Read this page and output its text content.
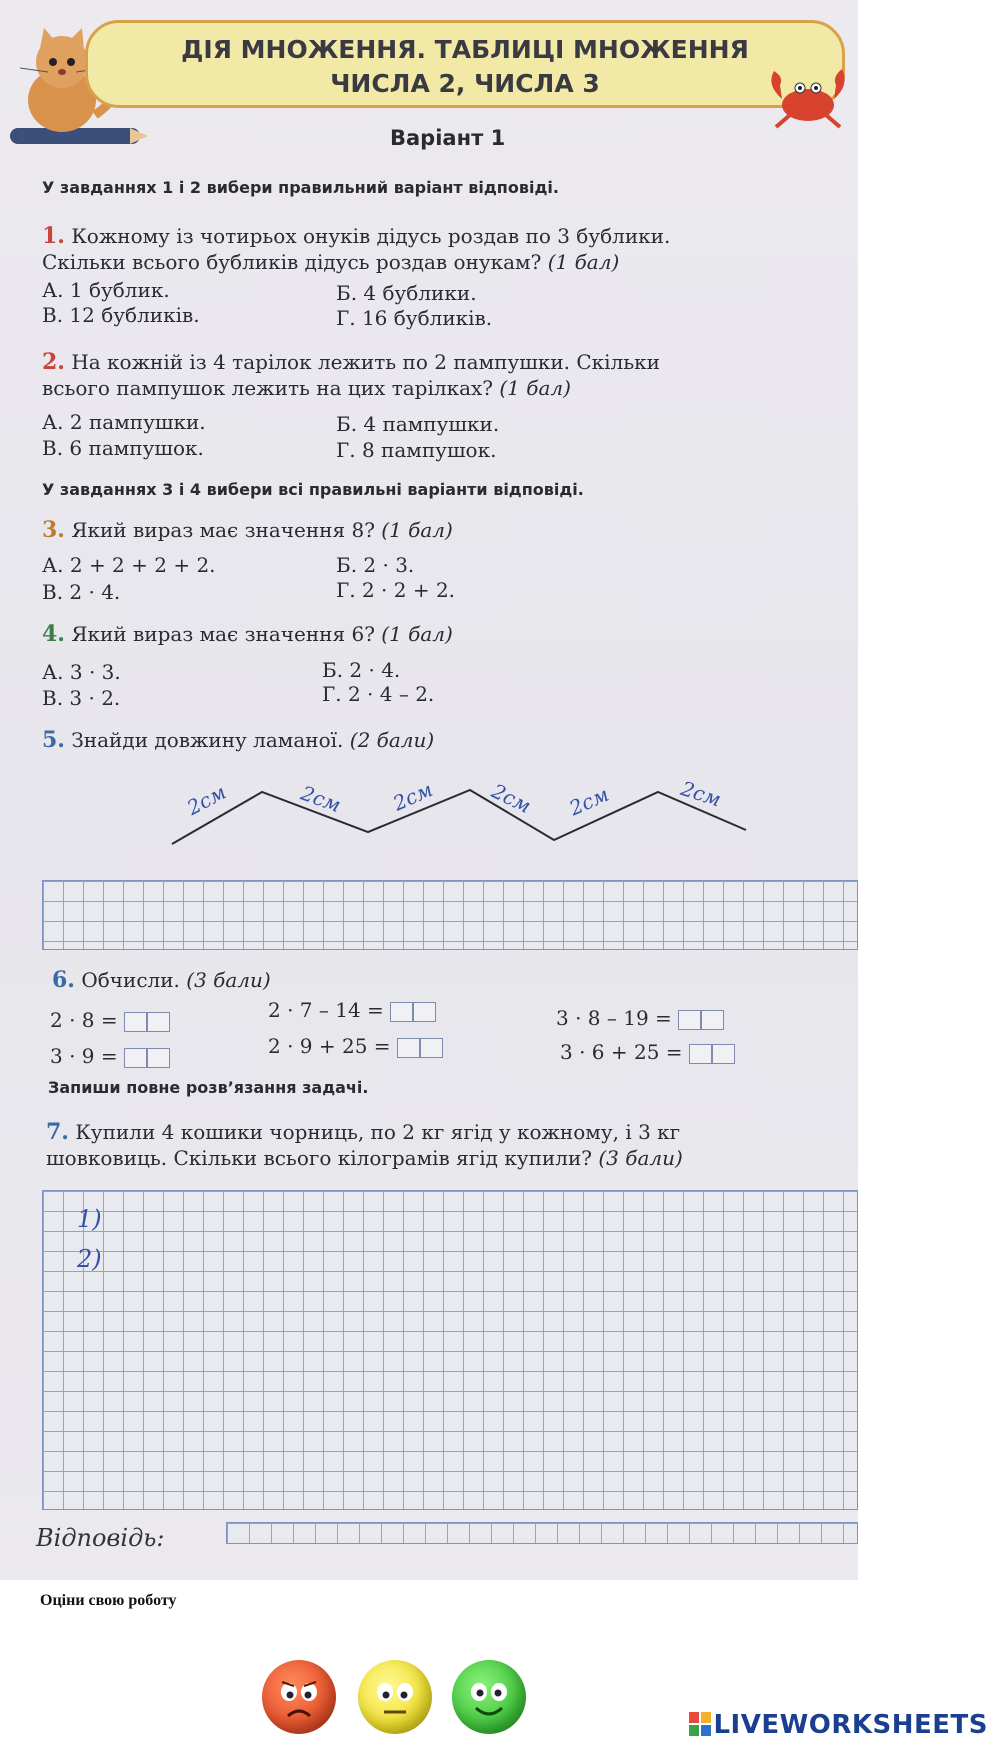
ДІЯ МНОЖЕННЯ. ТАБЛИЦІ МНОЖЕННЯ
ЧИСЛА 2, ЧИСЛА 3
Варіант 1
У завданнях 1 і 2 вибери правильний варіант відповіді.
1. Кожному із чотирьох онуків дідусь роздав по 3 бублики.
Скільки всього бубликів дідусь роздав онукам? (1 бал)
А. 1 бублик.	Б. 4 бублики.
В. 12 бубликів.	Г. 16 бубликів.
2. На кожній із 4 тарілок лежить по 2 пампушки. Скільки
всього пампушок лежить на цих тарілках? (1 бал)
А. 2 пампушки.	Б. 4 пампушки.
В. 6 пампушок.	Г. 8 пампушок.
У завданнях 3 і 4 вибери всі правильні варіанти відповіді.
3. Який вираз має значення 8? (1 бал)
А. 2 + 2 + 2 + 2.	Б. 2 · 3.
В. 2 · 4.	Г. 2 · 2 + 2.
4. Який вираз має значення 6? (1 бал)
А. 3 · 3.	Б. 2 · 4.
В. 3 · 2.	Г. 2 · 4 – 2.
5. Знайди довжину ламаної. (2 бали)
2см	2см 2см	2см 2см	2см
6. Обчисли. (3 бали)
2 · 8 =	2 · 7 – 14 =	3 · 8 – 19 =
3 · 9 =	2 · 9 + 25 =	3 · 6 + 25 =
Запиши повне розв’язання задачі.
7. Купили 4 кошики чорниць, по 2 кг ягід у кожному, і 3 кг
шовковиць. Скільки всього кілограмів ягід купили? (3 бали)
1)
2)
Відповідь:
Оціни свою роботу
LIVEWORKSHEETS
